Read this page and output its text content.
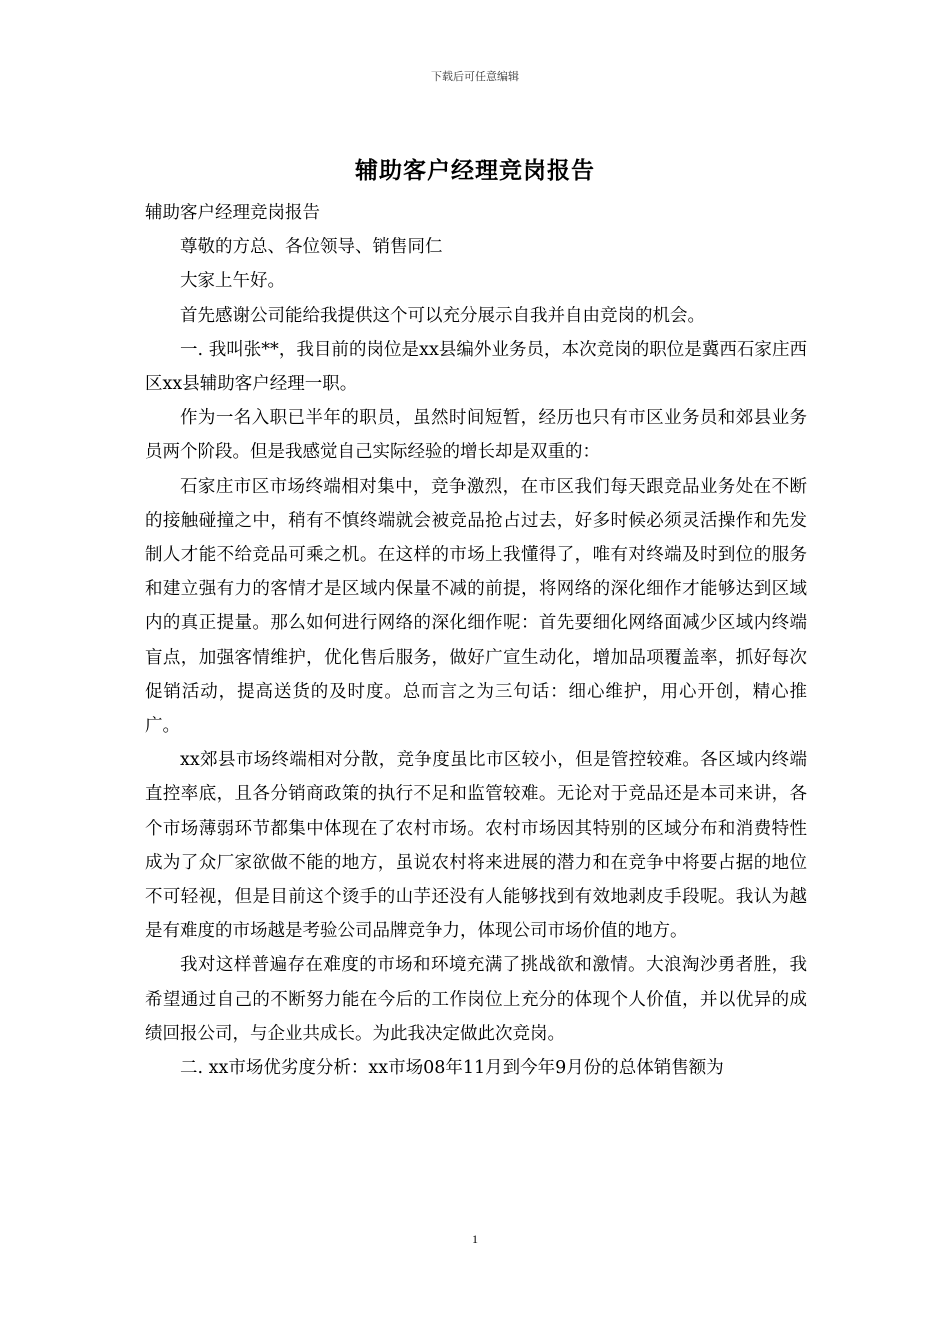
下载后可任意编辑
辅助客户经理竞岗报告

辅助客户经理竞岗报告

尊敬的方总、各位领导、销售同仁

大家上午好。

首先感谢公司能给我提供这个可以充分展示自我并自由竞岗的机会。

一. 我叫张**，我目前的岗位是xx县编外业务员，本次竞岗的职位是冀西石家庄西区xx县辅助客户经理一职。

作为一名入职已半年的职员，虽然时间短暂，经历也只有市区业务员和郊县业务员两个阶段。但是我感觉自己实际经验的增长却是双重的：

石家庄市区市场终端相对集中，竞争激烈，在市区我们每天跟竞品业务处在不断的接触碰撞之中，稍有不慎终端就会被竞品抢占过去，好多时候必须灵活操作和先发制人才能不给竞品可乘之机。在这样的市场上我懂得了，唯有对终端及时到位的服务和建立强有力的客情才是区域内保量不减的前提，将网络的深化细作才能够达到区域内的真正提量。那么如何进行网络的深化细作呢：首先要细化网络面减少区域内终端盲点，加强客情维护，优化售后服务，做好广宣生动化，增加品项覆盖率，抓好每次促销活动，提高送货的及时度。总而言之为三句话：细心维护，用心开创，精心推广。

xx郊县市场终端相对分散，竞争度虽比市区较小，但是管控较难。各区域内终端直控率底，且各分销商政策的执行不足和监管较难。无论对于竞品还是本司来讲，各个市场薄弱环节都集中体现在了农村市场。农村市场因其特别的区域分布和消费特性成为了众厂家欲做不能的地方，虽说农村将来进展的潜力和在竞争中将要占据的地位不可轻视，但是目前这个烫手的山芋还没有人能够找到有效地剥皮手段呢。我认为越是有难度的市场越是考验公司品牌竞争力，体现公司市场价值的地方。

我对这样普遍存在难度的市场和环境充满了挑战欲和激情。大浪淘沙勇者胜，我希望通过自己的不断努力能在今后的工作岗位上充分的体现个人价值，并以优异的成绩回报公司，与企业共成长。为此我决定做此次竞岗。

二. xx市场优劣度分析：xx市场08年11月到今年9月份的总体销售额为

1
